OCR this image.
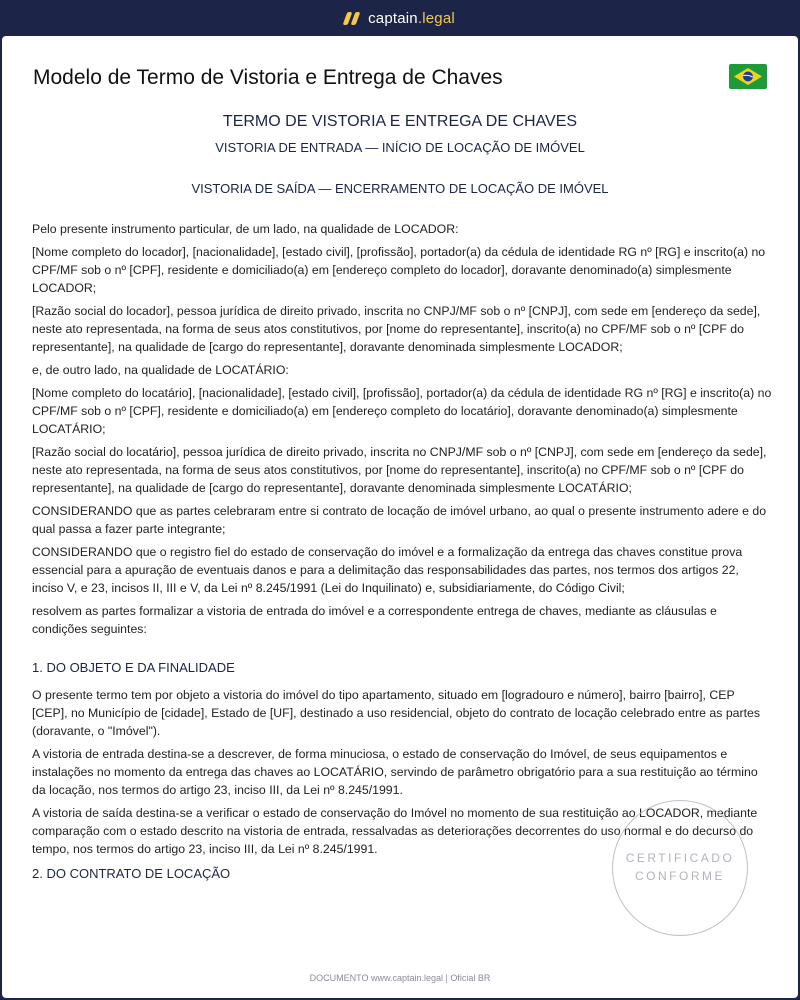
captain.legal
Modelo de Termo de Vistoria e Entrega de Chaves
TERMO DE VISTORIA E ENTREGA DE CHAVES
VISTORIA DE ENTRADA — INÍCIO DE LOCAÇÃO DE IMÓVEL
VISTORIA DE SAÍDA — ENCERRAMENTO DE LOCAÇÃO DE IMÓVEL

Pelo presente instrumento particular, de um lado, na qualidade de LOCADOR:

[Nome completo do locador], [nacionalidade], [estado civil], [profissão], portador(a) da cédula de identidade RG nº [RG] e inscrito(a) no CPF/MF sob o nº [CPF], residente e domiciliado(a) em [endereço completo do locador], doravante denominado(a) simplesmente LOCADOR;

[Razão social do locador], pessoa jurídica de direito privado, inscrita no CNPJ/MF sob o nº [CNPJ], com sede em [endereço da sede], neste ato representada, na forma de seus atos constitutivos, por [nome do representante], inscrito(a) no CPF/MF sob o nº [CPF do representante], na qualidade de [cargo do representante], doravante denominada simplesmente LOCADOR;

e, de outro lado, na qualidade de LOCATÁRIO:

[Nome completo do locatário], [nacionalidade], [estado civil], [profissão], portador(a) da cédula de identidade RG nº [RG] e inscrito(a) no CPF/MF sob o nº [CPF], residente e domiciliado(a) em [endereço completo do locatário], doravante denominado(a) simplesmente LOCATÁRIO;

[Razão social do locatário], pessoa jurídica de direito privado, inscrita no CNPJ/MF sob o nº [CNPJ], com sede em [endereço da sede], neste ato representada, na forma de seus atos constitutivos, por [nome do representante], inscrito(a) no CPF/MF sob o nº [CPF do representante], na qualidade de [cargo do representante], doravante denominada simplesmente LOCATÁRIO;

CONSIDERANDO que as partes celebraram entre si contrato de locação de imóvel urbano, ao qual o presente instrumento adere e do qual passa a fazer parte integrante;

CONSIDERANDO que o registro fiel do estado de conservação do imóvel e a formalização da entrega das chaves constitue prova essencial para a apuração de eventuais danos e para a delimitação das responsabilidades das partes, nos termos dos artigos 22, inciso V, e 23, incisos II, III e V, da Lei nº 8.245/1991 (Lei do Inquilinato) e, subsidiariamente, do Código Civil;

resolvem as partes formalizar a vistoria de entrada do imóvel e a correspondente entrega de chaves, mediante as cláusulas e condições seguintes:

1. DO OBJETO E DA FINALIDADE

O presente termo tem por objeto a vistoria do imóvel do tipo apartamento, situado em [logradouro e número], bairro [bairro], CEP [CEP], no Município de [cidade], Estado de [UF], destinado a uso residencial, objeto do contrato de locação celebrado entre as partes (doravante, o "Imóvel").

A vistoria de entrada destina-se a descrever, de forma minuciosa, o estado de conservação do Imóvel, de seus equipamentos e instalações no momento da entrega das chaves ao LOCATÁRIO, servindo de parâmetro obrigatório para a sua restituição ao término da locação, nos termos do artigo 23, inciso III, da Lei nº 8.245/1991.

A vistoria de saída destina-se a verificar o estado de conservação do Imóvel no momento de sua restituição ao LOCADOR, mediante comparação com o estado descrito na vistoria de entrada, ressalvadas as deteriorações decorrentes do uso normal e do decurso do tempo, nos termos do artigo 23, inciso III, da Lei nº 8.245/1991.

2. DO CONTRATO DE LOCAÇÃO
CERTIFICADO
CONFORME
DOCUMENTO www.captain.legal | Oficial BR
